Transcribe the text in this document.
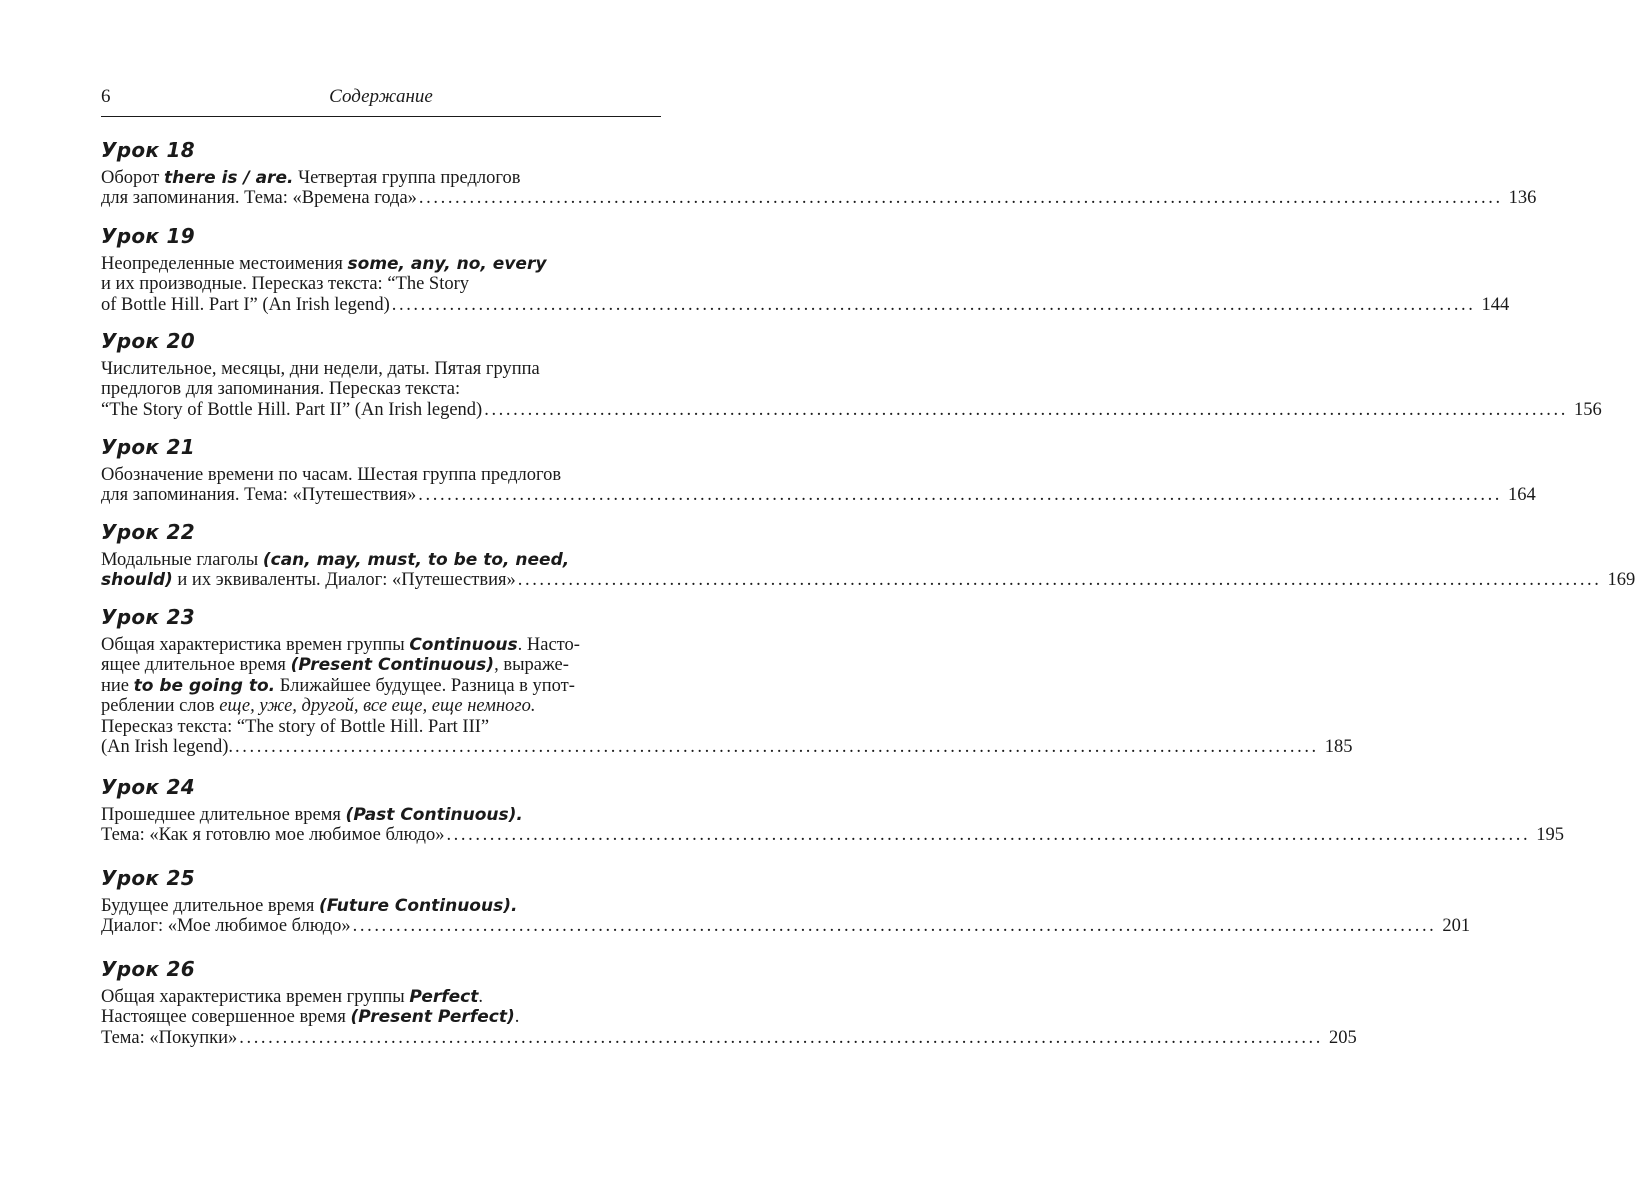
6	Содержание
Урок 18
Оборот there is / are. Четвертая группа предлогов
для запоминания. Тема: «Времена года» ...................................................................................................................................................... 136
Урок 19
Неопределенные местоимения some, any, no, every
и их производные. Пересказ текста: “The Story
of Bottle Hill. Part I” (An Irish legend) ...................................................................................................................................................... 144
Урок 20
Числительное, месяцы, дни недели, даты. Пятая группа
предлогов для запоминания. Пересказ текста:
“The Story of Bottle Hill. Part II” (An Irish legend) ...................................................................................................................................................... 156
Урок 21
Обозначение времени по часам. Шестая группа предлогов
для запоминания. Тема: «Путешествия» ...................................................................................................................................................... 164
Урок 22
Модальные глаголы (can, may, must, to be to, need,
should) и их эквиваленты. Диалог: «Путешествия» ...................................................................................................................................................... 169
Урок 23
Общая характеристика времен группы Continuous. Насто-
ящее длительное время (Present Continuous), выраже-
ние to be going to. Ближайшее будущее. Разница в упот-
реблении слов еще, уже, другой, все еще, еще немного.
Пересказ текста: “The story of Bottle Hill. Part III”
(An Irish legend). ...................................................................................................................................................... 185
Урок 24
Прошедшее длительное время (Past Continuous).
Тема: «Как я готовлю мое любимое блюдо» ...................................................................................................................................................... 195
Урок 25
Будущее длительное время (Future Continuous).
Диалог: «Мое любимое блюдо» ...................................................................................................................................................... 201
Урок 26
Общая характеристика времен группы Perfect.
Настоящее совершенное время (Present Perfect).
Тема: «Покупки» ...................................................................................................................................................... 205
